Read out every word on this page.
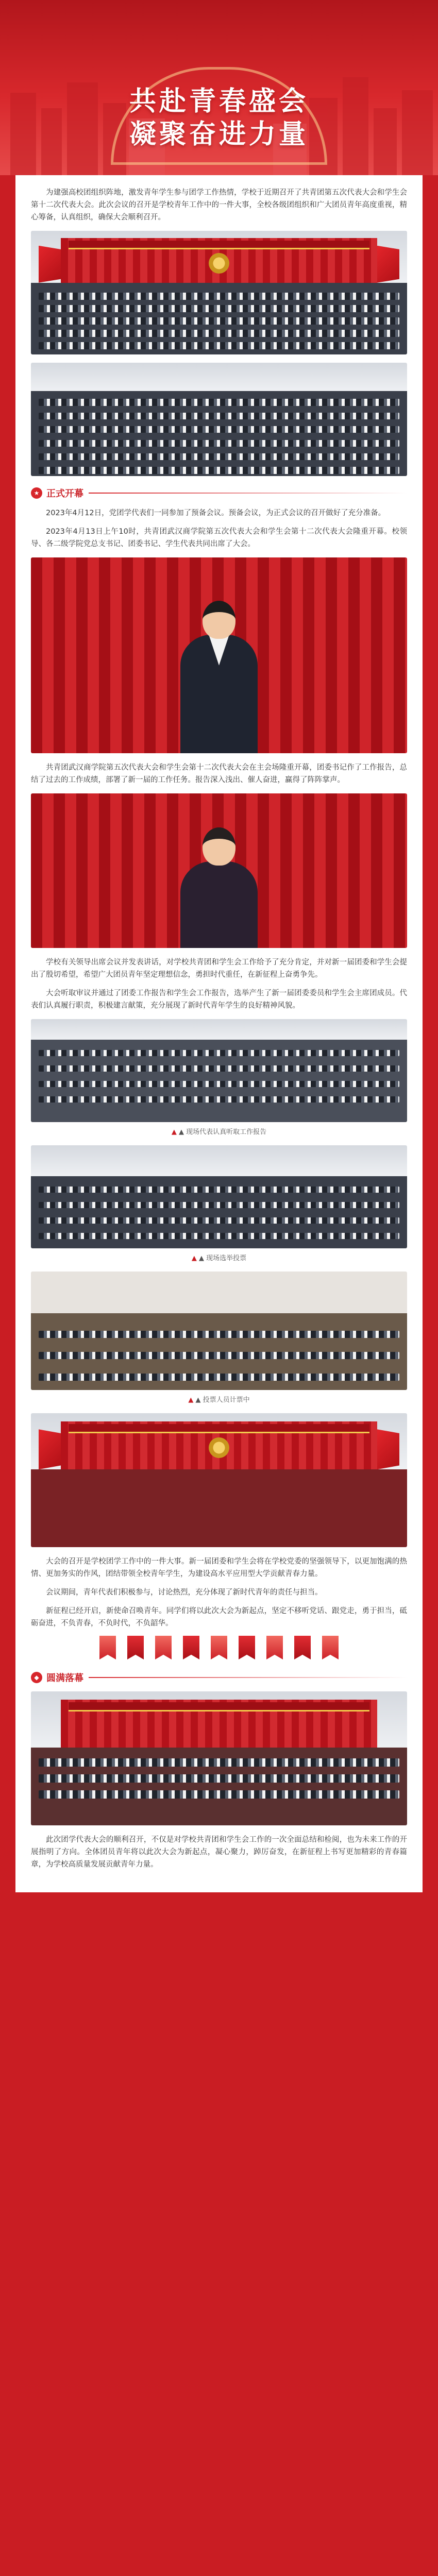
共赴青春盛会
凝聚奋进力量

为建强高校团组织阵地，激发青年学生参与团学工作热情，学校于近期召开了共青团第五次代表大会和学生会第十二次代表大会。此次会议的召开是学校青年工作中的一件大事，全校各级团组织和广大团员青年高度重视，精心筹备，认真组织，确保大会顺利召开。

★ 正式开幕

2023年4月12日，党团学代表们一同参加了预备会议。预备会议，为正式会议的召开做好了充分准备。

2023年4月13日上午10时，共青团武汉商学院第五次代表大会和学生会第十二次代表大会隆重开幕。校领导、各二级学院党总支书记、团委书记、学生代表共同出席了大会。

共青团武汉商学院第五次代表大会和学生会第十二次代表大会在主会场隆重开幕，团委书记作了工作报告，总结了过去的工作成绩，部署了新一届的工作任务。报告深入浅出、催人奋进，赢得了阵阵掌声。

学校有关领导出席会议并发表讲话，对学校共青团和学生会工作给予了充分肯定，并对新一届团委和学生会提出了殷切希望，希望广大团员青年坚定理想信念，勇担时代重任，在新征程上奋勇争先。

大会听取审议并通过了团委工作报告和学生会工作报告，选举产生了新一届团委委员和学生会主席团成员。代表们认真履行职责，积极建言献策，充分展现了新时代青年学生的良好精神风貌。

▲ ▲ 现场代表认真听取工作报告
▲ ▲ 现场选举投票
▲ ▲ 投票人员计票中

大会的召开是学校团学工作中的一件大事。新一届团委和学生会将在学校党委的坚强领导下，以更加饱满的热情、更加务实的作风，团结带领全校青年学生，为建设高水平应用型大学贡献青春力量。

会议期间，青年代表们积极参与，讨论热烈，充分体现了新时代青年的责任与担当。

新征程已经开启，新使命召唤青年。同学们将以此次大会为新起点，坚定不移听党话、跟党走，勇于担当，砥砺奋进，不负青春，不负时代，不负韶华。

◆ 圆满落幕

此次团学代表大会的顺利召开，不仅是对学校共青团和学生会工作的一次全面总结和检阅，也为未来工作的开展指明了方向。全体团员青年将以此次大会为新起点，凝心聚力，踔厉奋发，在新征程上书写更加精彩的青春篇章，为学校高质量发展贡献青年力量。
